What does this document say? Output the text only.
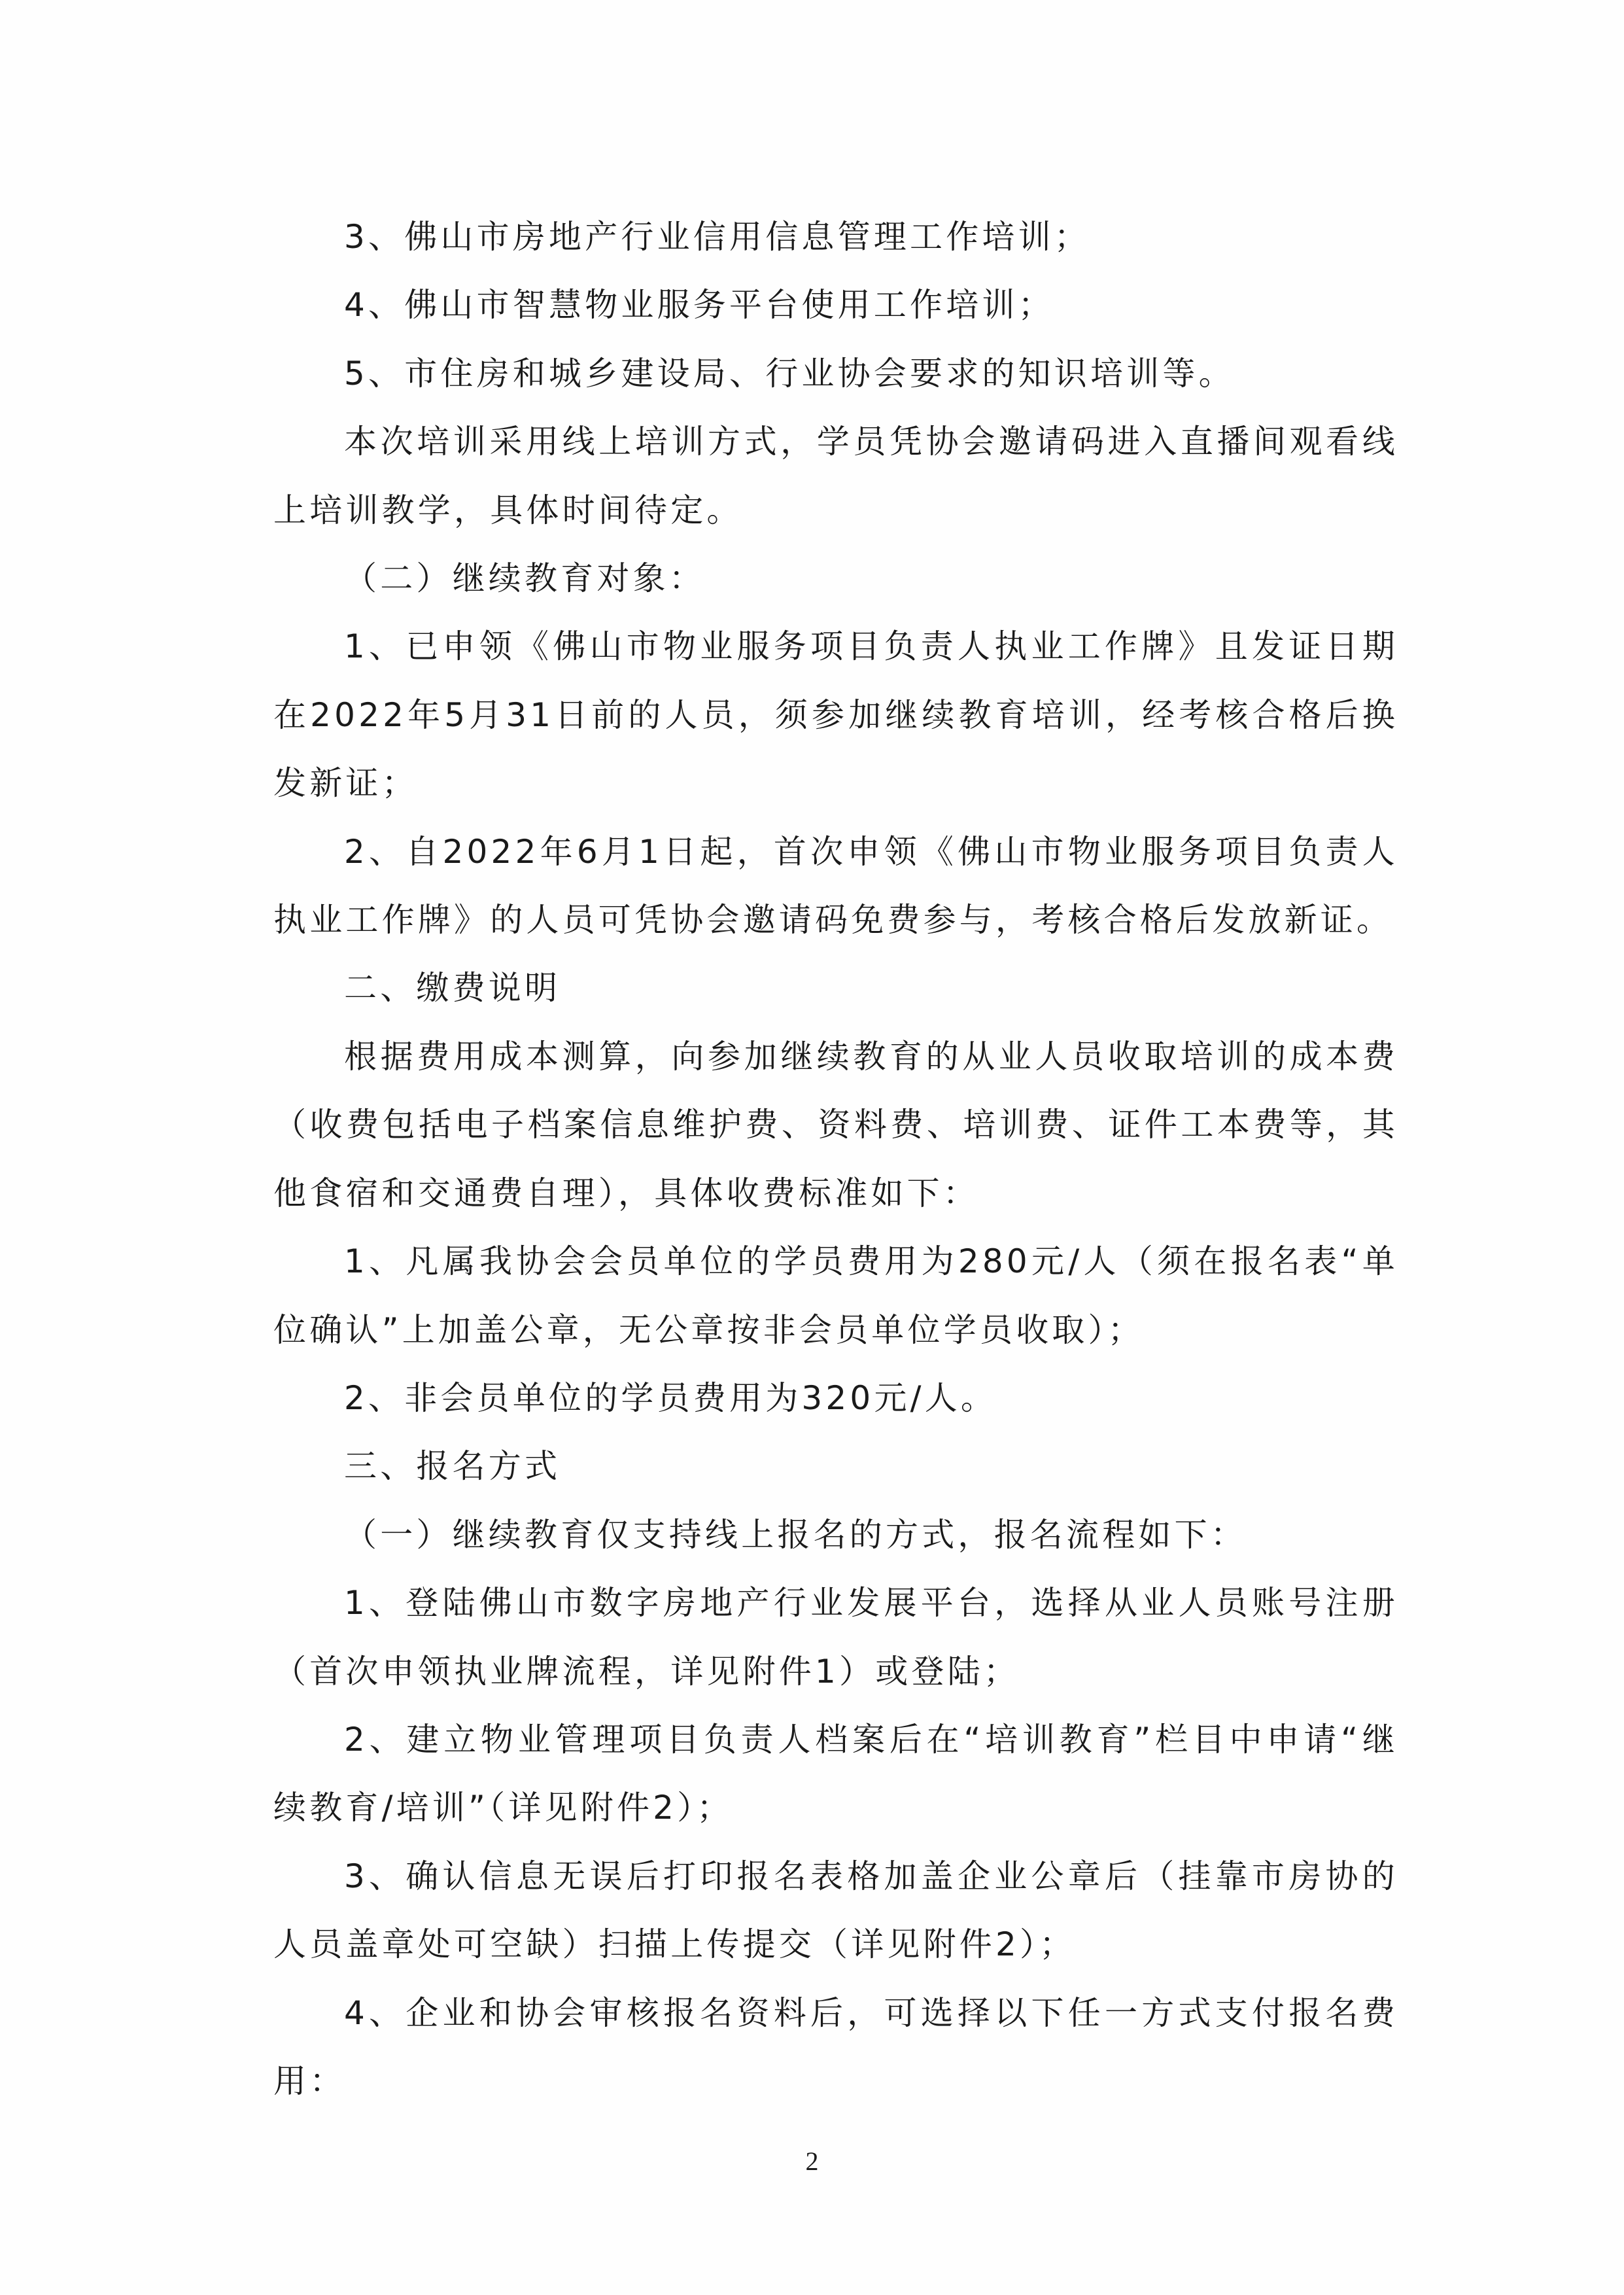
3、佛山市房地产行业信用信息管理工作培训；

4、佛山市智慧物业服务平台使用工作培训；

5、市住房和城乡建设局、行业协会要求的知识培训等。

本次培训采用线上培训方式，学员凭协会邀请码进入直播间观看线上培训教学，具体时间待定。

（二）继续教育对象：

1、已申领《佛山市物业服务项目负责人执业工作牌》且发证日期在2022年5月31日前的人员，须参加继续教育培训，经考核合格后换发新证；

2、自2022年6月1日起，首次申领《佛山市物业服务项目负责人执业工作牌》的人员可凭协会邀请码免费参与，考核合格后发放新证。

二、缴费说明

根据费用成本测算，向参加继续教育的从业人员收取培训的成本费（收费包括电子档案信息维护费、资料费、培训费、证件工本费等，其他食宿和交通费自理），具体收费标准如下：

1、凡属我协会会员单位的学员费用为280元/人（须在报名表“单位确认”上加盖公章，无公章按非会员单位学员收取）；

2、非会员单位的学员费用为320元/人。

三、报名方式

（一）继续教育仅支持线上报名的方式，报名流程如下：

1、登陆佛山市数字房地产行业发展平台，选择从业人员账号注册（首次申领执业牌流程，详见附件1）或登陆；

2、建立物业管理项目负责人档案后在“培训教育”栏目中申请“继续教育/培训”（详见附件2）；

3、确认信息无误后打印报名表格加盖企业公章后（挂靠市房协的人员盖章处可空缺）扫描上传提交（详见附件2）；

4、企业和协会审核报名资料后，可选择以下任一方式支付报名费用：

2
